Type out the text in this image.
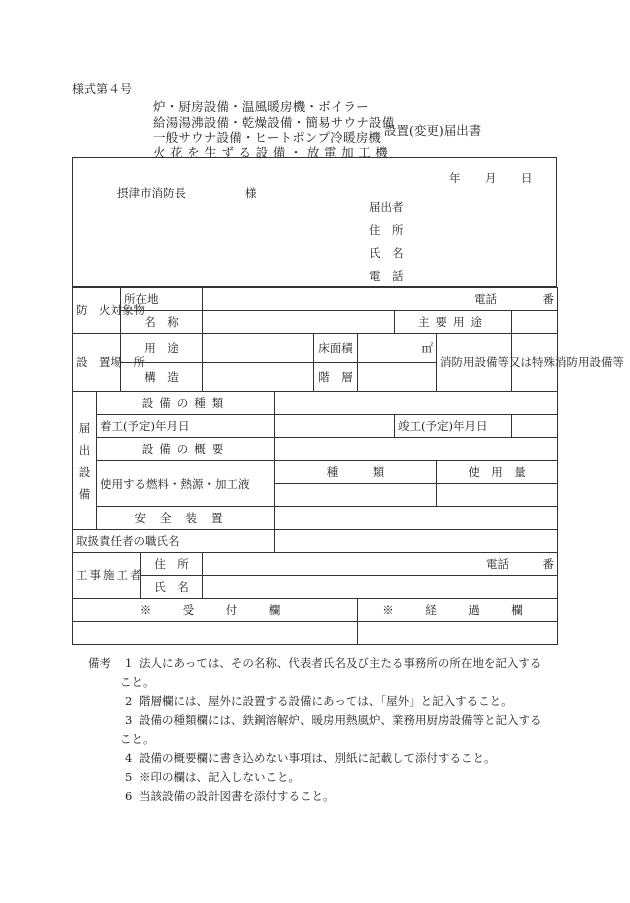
様式第４号
炉・厨房設備・温風暖房機・ボイラー
給湯湯沸設備・乾燥設備・簡易サウナ設備
一般サウナ設備・ヒートポンプ冷暖房機
火花を生ずる設備・放電加工機
設置(変更)届出書
年 月 日
摂津市消防長	様
届出者
住　所
氏　名
電　話
防　火対象物		所在地		電話 番						

		名　称						主要用途		
設　置場　所		用　途				床面積	㎡		消防用設備等又は特殊消防用設備等	
		構　造				階　層				
届出設備	設備の種類									
	着工(予定)年月日							竣工(予定)年月日		
	設備の概要									
	使用する燃料・熱源・加工液				種　　　類				使　用　量	

	安全装置									
取扱責任者の職氏名										
工事施工者			住　所	電話 番						

			氏　名							
※　受　付　欄							※　経　過　欄			

備考	1 法人にあっては、その名称、代表者氏名及び主たる事務所の所在地を記入する
こと。
2 階層欄には、屋外に設置する設備にあっては、「屋外」と記入すること。
3 設備の種類欄には、鉄鋼溶解炉、暖房用熱風炉、業務用厨房設備等と記入する
こと。
4 設備の概要欄に書き込めない事項は、別紙に記載して添付すること。
5 ※印の欄は、記入しないこと。
6 当該設備の設計図書を添付すること。
